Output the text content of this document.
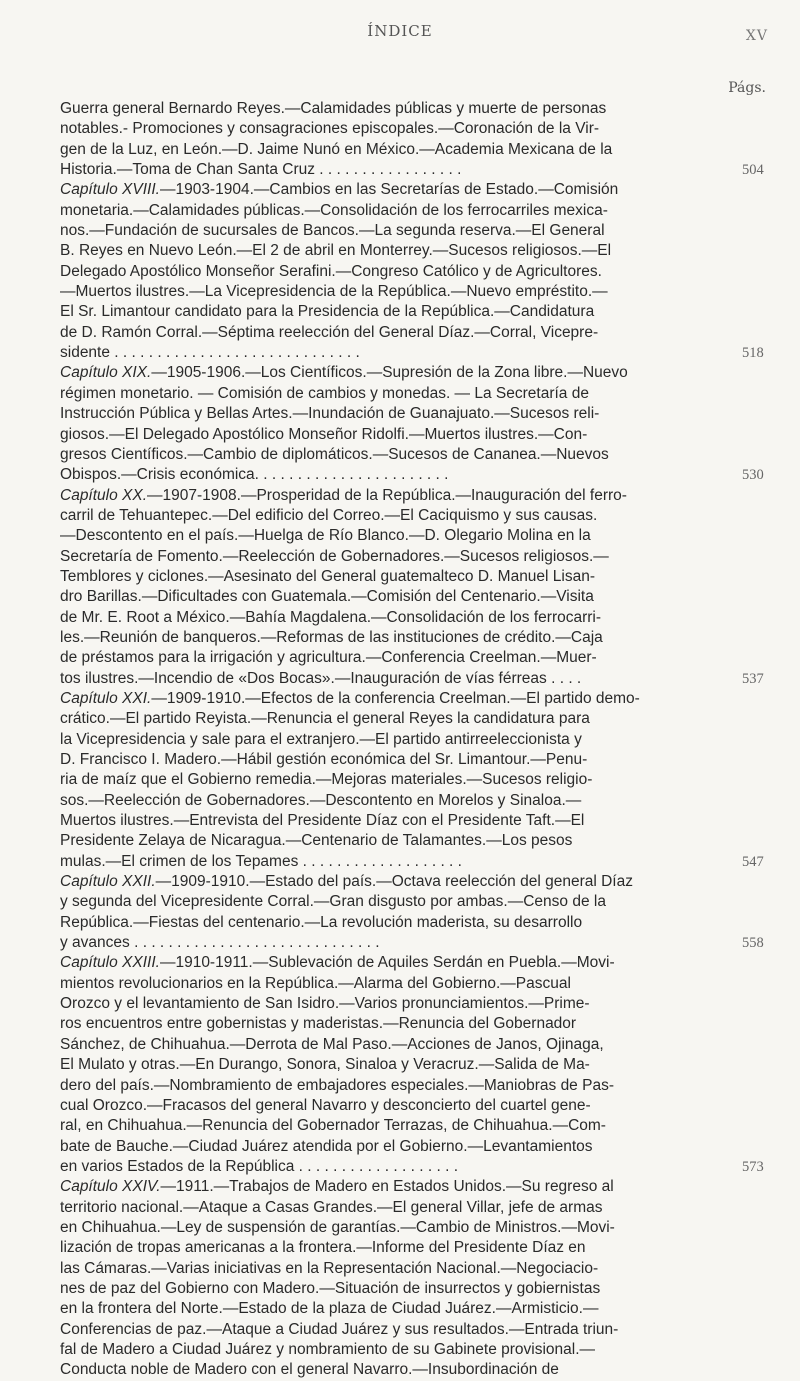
ÍNDICE	XV
Págs.
Guerra general Bernardo Reyes.—Calamidades públicas y muerte de personas
notables.- Promociones y consagraciones episcopales.—Coronación de la Vir-
gen de la Luz, en León.—D. Jaime Nunó en México.—Academia Mexicana de la
Historia.—Toma de Chan Santa Cruz . . . . . . . . . . . . . . . . .	504
Capítulo XVIII.—1903-1904.—Cambios en las Secretarías de Estado.—Comisión
monetaria.—Calamidades públicas.—Consolidación de los ferrocarriles mexica-
nos.—Fundación de sucursales de Bancos.—La segunda reserva.—El General
B. Reyes en Nuevo León.—El 2 de abril en Monterrey.—Sucesos religiosos.—El
Delegado Apostólico Monseñor Serafini.—Congreso Católico y de Agricultores.
—Muertos ilustres.—La Vicepresidencia de la República.—Nuevo empréstito.—
El Sr. Limantour candidato para la Presidencia de la República.—Candidatura
de D. Ramón Corral.—Séptima reelección del General Díaz.—Corral, Vicepre-
sidente . . . . . . . . . . . . . . . . . . . . . . . . . . . . .	518
Capítulo XIX.—1905-1906.—Los Científicos.—Supresión de la Zona libre.—Nuevo
régimen monetario. — Comisión de cambios y monedas. — La Secretaría de
Instrucción Pública y Bellas Artes.—Inundación de Guanajuato.—Sucesos reli-
giosos.—El Delegado Apostólico Monseñor Ridolfi.—Muertos ilustres.—Con-
gresos Científicos.—Cambio de diplomáticos.—Sucesos de Cananea.—Nuevos
Obispos.—Crisis económica. . . . . . . . . . . . . . . . . . . . . . .	530
Capítulo XX.—1907-1908.—Prosperidad de la República.—Inauguración del ferro-
carril de Tehuantepec.—Del edificio del Correo.—El Caciquismo y sus causas.
—Descontento en el país.—Huelga de Río Blanco.—D. Olegario Molina en la
Secretaría de Fomento.—Reelección de Gobernadores.—Sucesos religiosos.—
Temblores y ciclones.—Asesinato del General guatemalteco D. Manuel Lisan-
dro Barillas.—Dificultades con Guatemala.—Comisión del Centenario.—Visita
de Mr. E. Root a México.—Bahía Magdalena.—Consolidación de los ferrocarri-
les.—Reunión de banqueros.—Reformas de las instituciones de crédito.—Caja
de préstamos para la irrigación y agricultura.—Conferencia Creelman.—Muer-
tos ilustres.—Incendio de «Dos Bocas».—Inauguración de vías férreas . . . .	537
Capítulo XXI.—1909-1910.—Efectos de la conferencia Creelman.—El partido demo-
crático.—El partido Reyista.—Renuncia el general Reyes la candidatura para
la Vicepresidencia y sale para el extranjero.—El partido antirreeleccionista y
D. Francisco I. Madero.—Hábil gestión económica del Sr. Limantour.—Penu-
ria de maíz que el Gobierno remedia.—Mejoras materiales.—Sucesos religio-
sos.—Reelección de Gobernadores.—Descontento en Morelos y Sinaloa.—
Muertos ilustres.—Entrevista del Presidente Díaz con el Presidente Taft.—El
Presidente Zelaya de Nicaragua.—Centenario de Talamantes.—Los pesos
mulas.—El crimen de los Tepames . . . . . . . . . . . . . . . . . . .	547
Capítulo XXII.—1909-1910.—Estado del país.—Octava reelección del general Díaz
y segunda del Vicepresidente Corral.—Gran disgusto por ambas.—Censo de la
República.—Fiestas del centenario.—La revolución maderista, su desarrollo
y avances . . . . . . . . . . . . . . . . . . . . . . . . . . . . .	558
Capítulo XXIII.—1910-1911.—Sublevación de Aquiles Serdán en Puebla.—Movi-
mientos revolucionarios en la República.—Alarma del Gobierno.—Pascual
Orozco y el levantamiento de San Isidro.—Varios pronunciamientos.—Prime-
ros encuentros entre gobernistas y maderistas.—Renuncia del Gobernador
Sánchez, de Chihuahua.—Derrota de Mal Paso.—Acciones de Janos, Ojinaga,
El Mulato y otras.—En Durango, Sonora, Sinaloa y Veracruz.—Salida de Ma-
dero del país.—Nombramiento de embajadores especiales.—Maniobras de Pas-
cual Orozco.—Fracasos del general Navarro y desconcierto del cuartel gene-
ral, en Chihuahua.—Renuncia del Gobernador Terrazas, de Chihuahua.—Com-
bate de Bauche.—Ciudad Juárez atendida por el Gobierno.—Levantamientos
en varios Estados de la República . . . . . . . . . . . . . . . . . . .	573
Capítulo XXIV.—1911.—Trabajos de Madero en Estados Unidos.—Su regreso al
territorio nacional.—Ataque a Casas Grandes.—El general Villar, jefe de armas
en Chihuahua.—Ley de suspensión de garantías.—Cambio de Ministros.—Movi-
lización de tropas americanas a la frontera.—Informe del Presidente Díaz en
las Cámaras.—Varias iniciativas en la Representación Nacional.—Negociacio-
nes de paz del Gobierno con Madero.—Situación de insurrectos y gobiernistas
en la frontera del Norte.—Estado de la plaza de Ciudad Juárez.—Armisticio.—
Conferencias de paz.—Ataque a Ciudad Juárez y sus resultados.—Entrada triun-
fal de Madero a Ciudad Juárez y nombramiento de su Gabinete provisional.—
Conducta noble de Madero con el general Navarro.—Insubordinación de
